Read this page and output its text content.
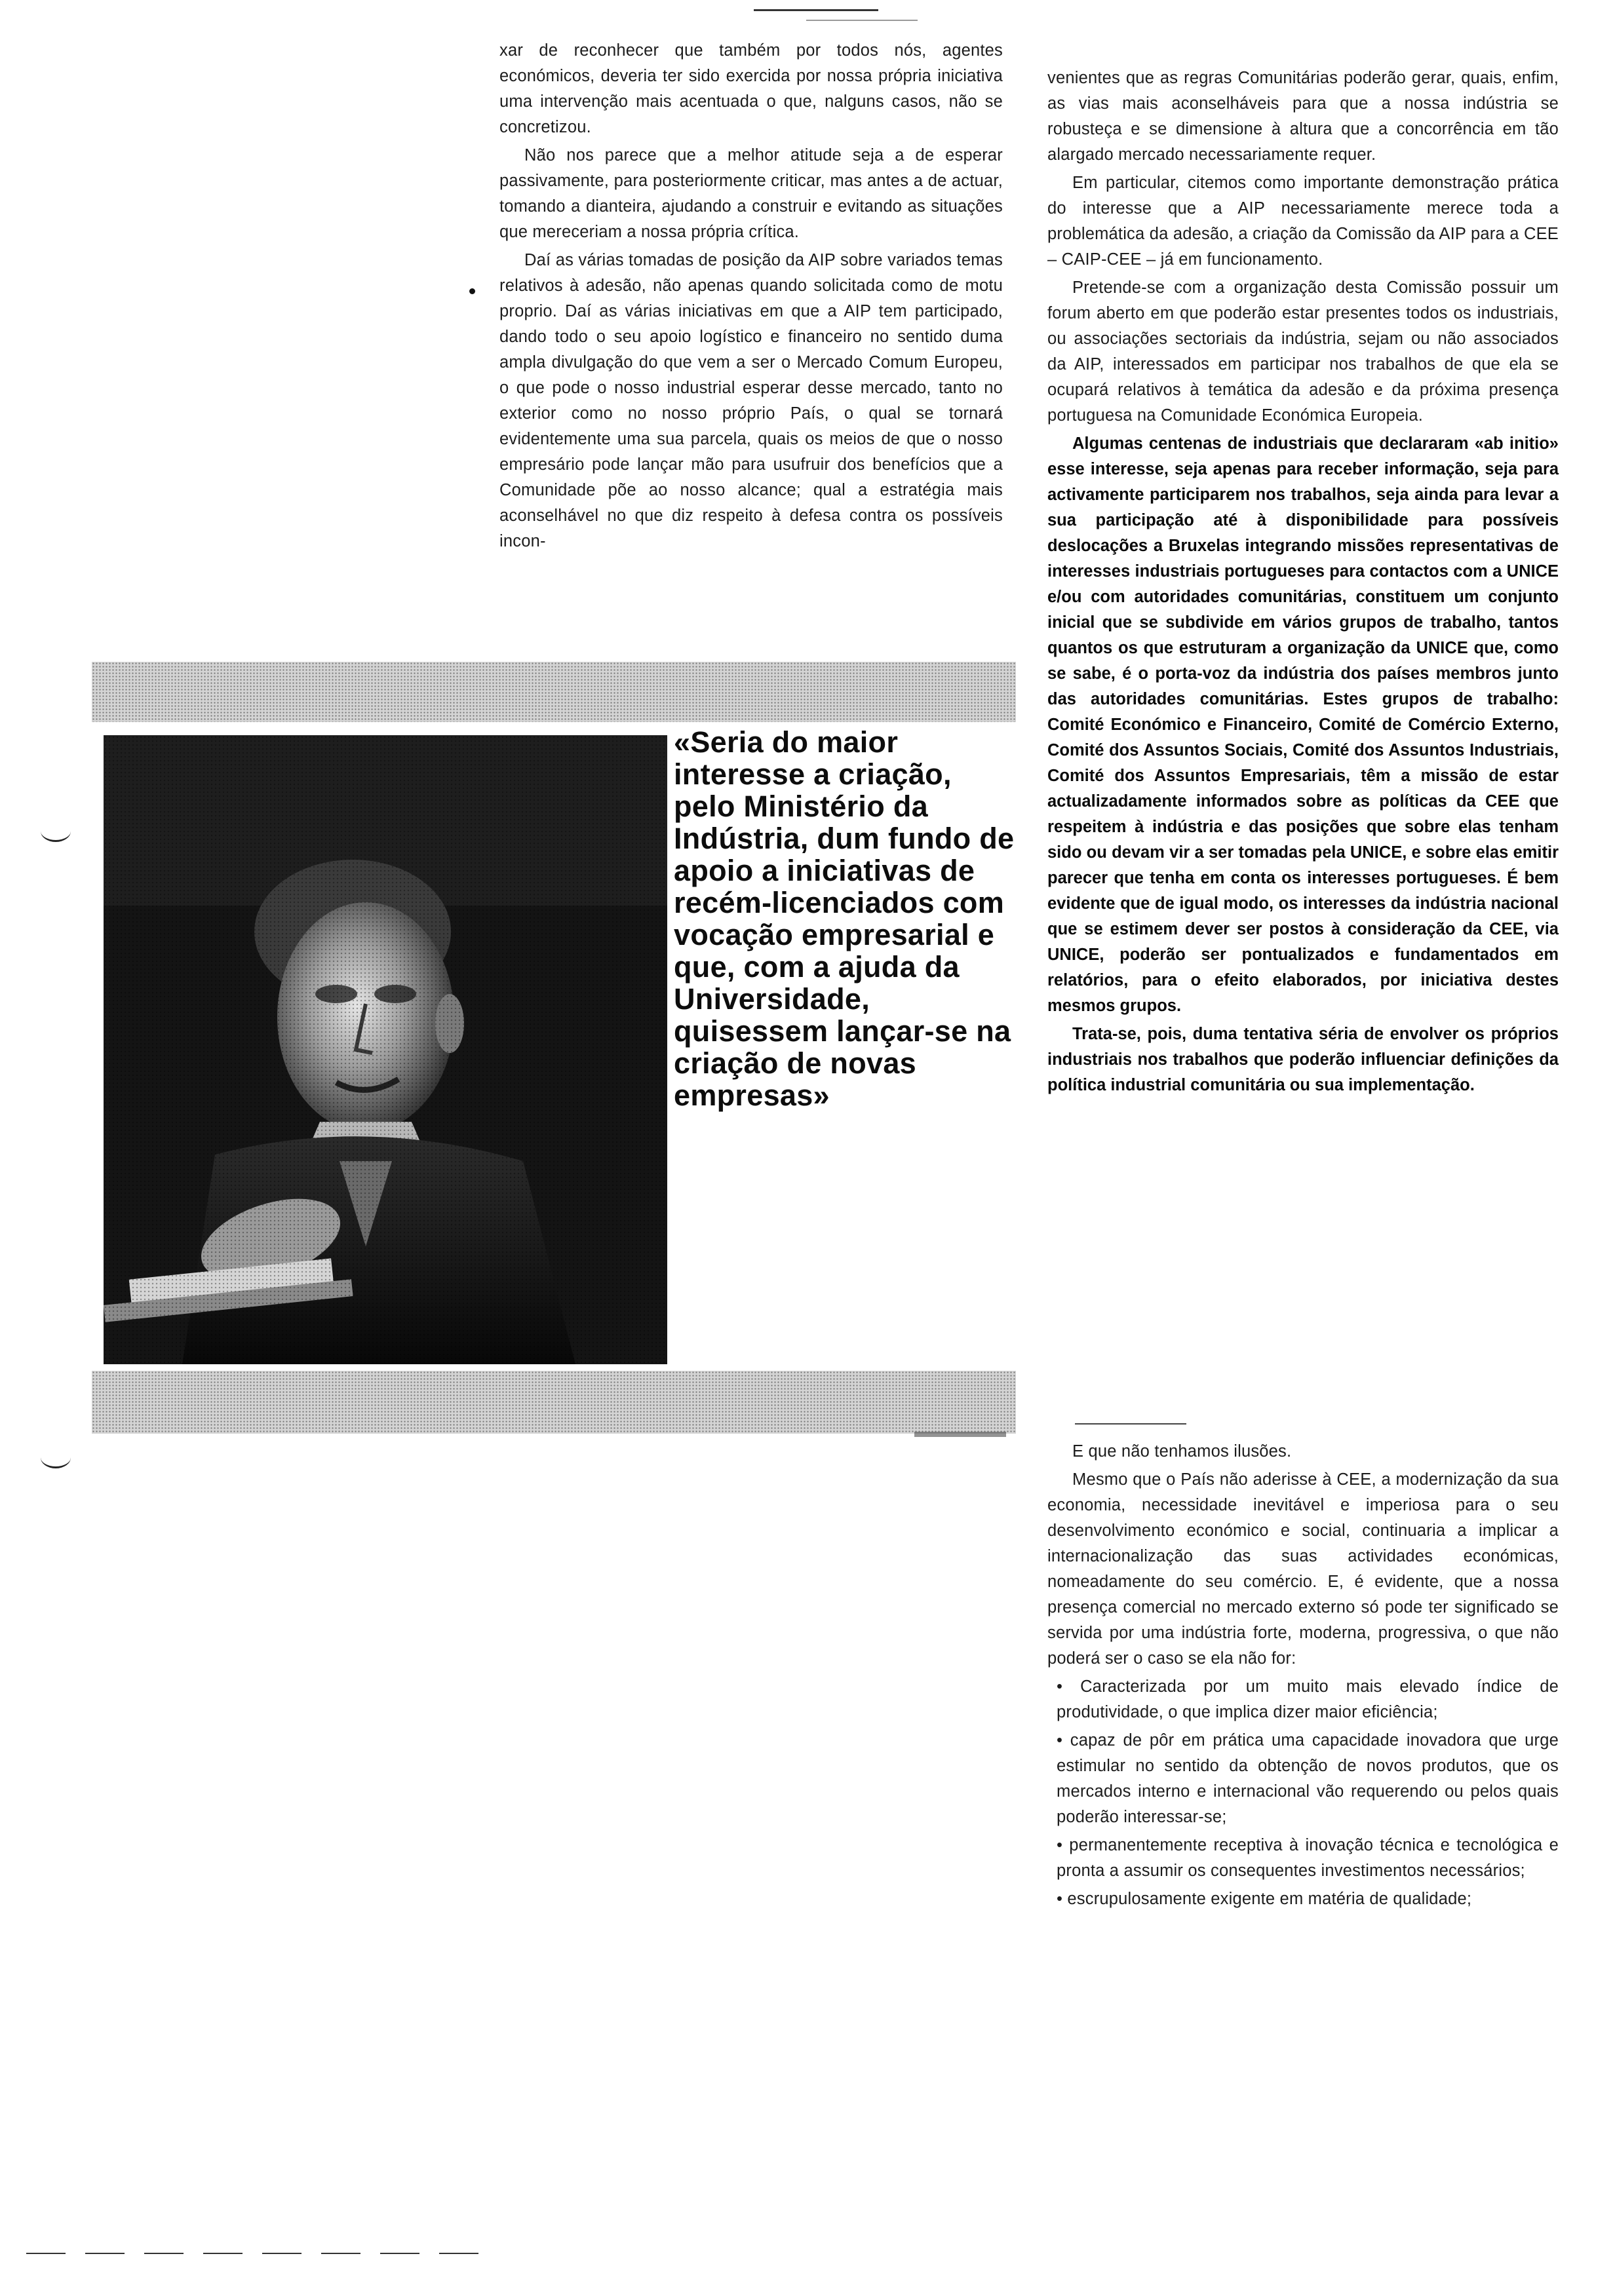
xar de reconhecer que também por todos nós, agentes económicos, deveria ter sido exercida por nossa própria iniciativa uma intervenção mais acentuada o que, nalguns casos, não se concretizou.

Não nos parece que a melhor atitude seja a de esperar passivamente, para posteriormente criticar, mas antes a de actuar, tomando a dianteira, ajudando a construir e evitando as situações que mereceriam a nossa própria crítica.

Daí as várias tomadas de posição da AIP sobre variados temas relativos à adesão, não apenas quando solicitada como de motu proprio. Daí as várias iniciativas em que a AIP tem participado, dando todo o seu apoio logístico e financeiro no sentido duma ampla divulgação do que vem a ser o Mercado Comum Europeu, o que pode o nosso industrial esperar desse mercado, tanto no exterior como no nosso próprio País, o qual se tornará evidentemente uma sua parcela, quais os meios de que o nosso empresário pode lançar mão para usufruir dos benefícios que a Comunidade põe ao nosso alcance; qual a estratégia mais aconselhável no que diz respeito à defesa contra os possíveis incon-

«Seria do maior interesse a criação, pelo Ministério da Indústria, dum fundo de apoio a iniciativas de recém-licenciados com vocação empresarial e que, com a ajuda da Universidade, quisessem lançar-se na criação de novas empresas»

venientes que as regras Comunitárias poderão gerar, quais, enfim, as vias mais aconselháveis para que a nossa indústria se robusteça e se dimensione à altura que a concorrência em tão alargado mercado necessariamente requer.

Em particular, citemos como importante demonstração prática do interesse que a AIP necessariamente merece toda a problemática da adesão, a criação da Comissão da AIP para a CEE – CAIP-CEE – já em funcionamento.

Pretende-se com a organização desta Comissão possuir um forum aberto em que poderão estar presentes todos os industriais, ou associações sectoriais da indústria, sejam ou não associados da AIP, interessados em participar nos trabalhos de que ela se ocupará relativos à temática da adesão e da próxima presença portuguesa na Comunidade Económica Europeia.

Algumas centenas de industriais que declararam «ab initio» esse interesse, seja apenas para receber informação, seja para activamente participarem nos trabalhos, seja ainda para levar a sua participação até à disponibilidade para possíveis deslocações a Bruxelas integrando missões representativas de interesses industriais portugueses para contactos com a UNICE e/ou com autoridades comunitárias, constituem um conjunto inicial que se subdivide em vários grupos de trabalho, tantos quantos os que estruturam a organização da UNICE que, como se sabe, é o porta-voz da indústria dos países membros junto das autoridades comunitárias. Estes grupos de trabalho: Comité Económico e Financeiro, Comité de Comércio Externo, Comité dos Assuntos Sociais, Comité dos Assuntos Industriais, Comité dos Assuntos Empresariais, têm a missão de estar actualizadamente informados sobre as políticas da CEE que respeitem à indústria e das posições que sobre elas tenham sido ou devam vir a ser tomadas pela UNICE, e sobre elas emitir parecer que tenha em conta os interesses portugueses. É bem evidente que de igual modo, os interesses da indústria nacional que se estimem dever ser postos à consideração da CEE, via UNICE, poderão ser pontualizados e fundamentados em relatórios, para o efeito elaborados, por iniciativa destes mesmos grupos.

Trata-se, pois, duma tentativa séria de envolver os próprios industriais nos trabalhos que poderão influenciar definições da política industrial comunitária ou sua implementação.

E que não tenhamos ilusões.

Mesmo que o País não aderisse à CEE, a modernização da sua economia, necessidade inevitável e imperiosa para o seu desenvolvimento económico e social, continuaria a implicar a internacionalização das suas actividades económicas, nomeadamente do seu comércio. E, é evidente, que a nossa presença comercial no mercado externo só pode ter significado se servida por uma indústria forte, moderna, progressiva, o que não poderá ser o caso se ela não for:

• Caracterizada por um muito mais elevado índice de produtividade, o que implica dizer maior eficiência;

• capaz de pôr em prática uma capacidade inovadora que urge estimular no sentido da obtenção de novos produtos, que os mercados interno e internacional vão requerendo ou pelos quais poderão interessar-se;

• permanentemente receptiva à inovação técnica e tecnológica e pronta a assumir os consequentes investimentos necessários;

• escrupulosamente exigente em matéria de qualidade;
